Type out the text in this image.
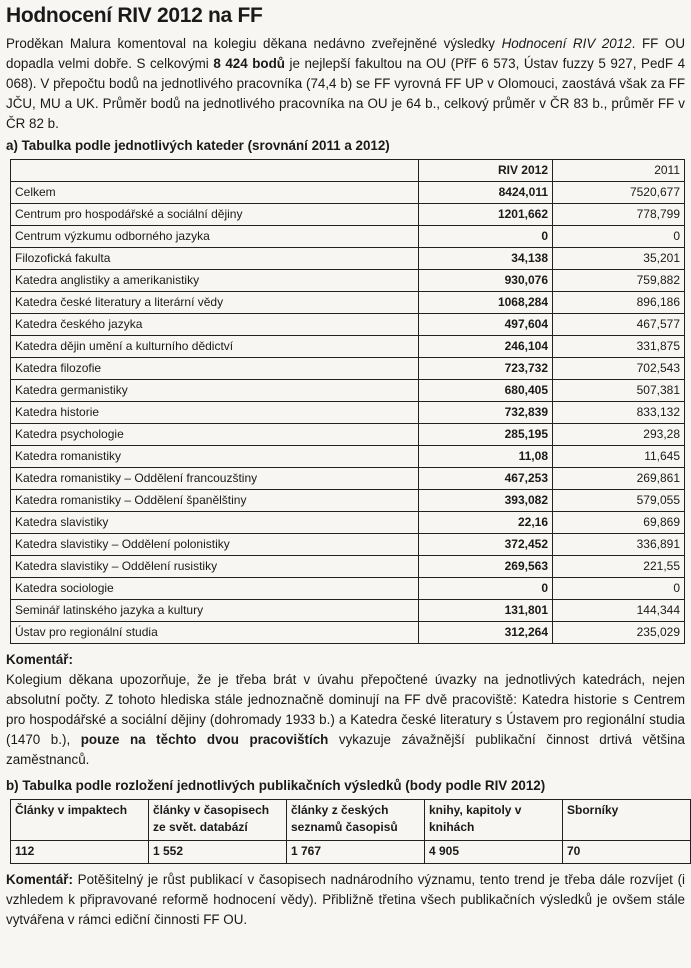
Hodnocení RIV 2012 na FF

Proděkan Malura komentoval na kolegiu děkana nedávno zveřejněné výsledky Hodnocení RIV 2012. FF OU dopadla velmi dobře. S celkovými 8 424 bodů je nejlepší fakultou na OU (PřF 6 573, Ústav fuzzy 5 927, PedF 4 068). V přepočtu bodů na jednotlivého pracovníka (74,4 b) se FF vyrovná FF UP v Olomouci, zaostává však za FF JČU, MU a UK. Průměr bodů na jednotlivého pracovníka na OU je 64 b., celkový průměr v ČR 83 b., průměr FF v ČR 82 b.

a) Tabulka podle jednotlivých kateder (srovnání 2011 a 2012)
	RIV 2012	2011
Celkem	8424,011	7520,677
Centrum pro hospodářské a sociální dějiny	1201,662	778,799
Centrum výzkumu odborného jazyka	0	0
Filozofická fakulta	34,138	35,201
Katedra anglistiky a amerikanistiky	930,076	759,882
Katedra české literatury a literární vědy	1068,284	896,186
Katedra českého jazyka	497,604	467,577
Katedra dějin umění a kulturního dědictví	246,104	331,875
Katedra filozofie	723,732	702,543
Katedra germanistiky	680,405	507,381
Katedra historie	732,839	833,132
Katedra psychologie	285,195	293,28
Katedra romanistiky	11,08	11,645
Katedra romanistiky – Oddělení francouzštiny	467,253	269,861
Katedra romanistiky – Oddělení španělštiny	393,082	579,055
Katedra slavistiky	22,16	69,869
Katedra slavistiky – Oddělení polonistiky	372,452	336,891
Katedra slavistiky – Oddělení rusistiky	269,563	221,55
Katedra sociologie	0	0
Seminář latinského jazyka a kultury	131,801	144,344
Ústav pro regionální studia	312,264	235,029

Komentář:

Kolegium děkana upozorňuje, že je třeba brát v úvahu přepočtené úvazky na jednotlivých katedrách, nejen absolutní počty. Z tohoto hlediska stále jednoznačně dominují na FF dvě pracoviště: Katedra historie s Centrem pro hospodářské a sociální dějiny (dohromady 1933 b.) a Katedra české literatury s Ústavem pro regionální studia (1470 b.), pouze na těchto dvou pracovištích vykazuje závažnější publikační činnost drtivá většina zaměstnanců.

b) Tabulka podle rozložení jednotlivých publikačních výsledků (body podle RIV 2012)
Články v impaktech	články v časopisech ze svět. databází	články z českých seznamů časopisů	knihy, kapitoly v knihách	Sborníky
112	1 552	1 767	4 905	70

Komentář: Potěšitelný je růst publikací v časopisech nadnárodního významu, tento trend je třeba dále rozvíjet (i vzhledem k připravované reformě hodnocení vědy). Přibližně třetina všech publikačních výsledků je ovšem stále vytvářena v rámci ediční činnosti FF OU.
